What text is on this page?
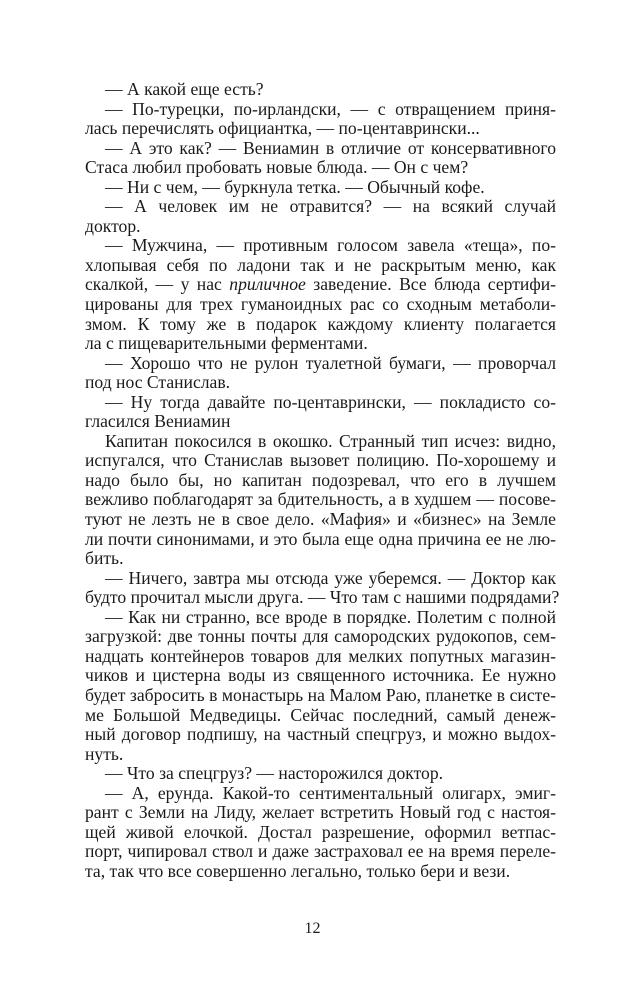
— А какой еще есть?
— По-турецки, по-ирландски, — с отвращением приня-
лась перечислять официантка, — по-центаврински...
— А это как? — Вениамин в отличие от консервативного
Стаса любил пробовать новые блюда. — Он с чем?
— Ни с чем, — буркнула тетка. — Обычный кофе.
— А человек им не отравится? — на всякий случай
доктор.
— Мужчина, — противным голосом завела «теща», по-
хлопывая себя по ладони так и не раскрытым меню, как
скалкой, — у нас приличное заведение. Все блюда сертифи-
цированы для трех гуманоидных рас со сходным метаболи-
змом. К тому же в подарок каждому клиенту полагается
ла с пищеварительными ферментами.
— Хорошо что не рулон туалетной бумаги, — проворчал
под нос Станислав.
— Ну тогда давайте по-центаврински, — покладисто со-
гласился Вениамин
Капитан покосился в окошко. Странный тип исчез: видно,
испугался, что Станислав вызовет полицию. По-хорошему и
надо было бы, но капитан подозревал, что его в лучшем
вежливо поблагодарят за бдительность, а в худшем — посове-
туют не лезть не в свое дело. «Мафия» и «бизнес» на Земле
ли почти синонимами, и это была еще одна причина ее не лю-
бить.
— Ничего, завтра мы отсюда уже уберемся. — Доктор как
будто прочитал мысли друга. — Что там с нашими подрядами?
— Как ни странно, все вроде в порядке. Полетим с полной
загрузкой: две тонны почты для самородских рудокопов, сем-
надцать контейнеров товаров для мелких попутных магазин-
чиков и цистерна воды из священного источника. Ее нужно
будет забросить в монастырь на Малом Раю, планетке в систе-
ме Большой Медведицы. Сейчас последний, самый денеж-
ный договор подпишу, на частный спецгруз, и можно выдох-
нуть.
— Что за спецгруз? — насторожился доктор.
— А, ерунда. Какой-то сентиментальный олигарх, эмиг-
рант с Земли на Лиду, желает встретить Новый год с настоя-
щей живой елочкой. Достал разрешение, оформил ветпас-
порт, чипировал ствол и даже застраховал ее на время переле-
та, так что все совершенно легально, только бери и вези.
12
